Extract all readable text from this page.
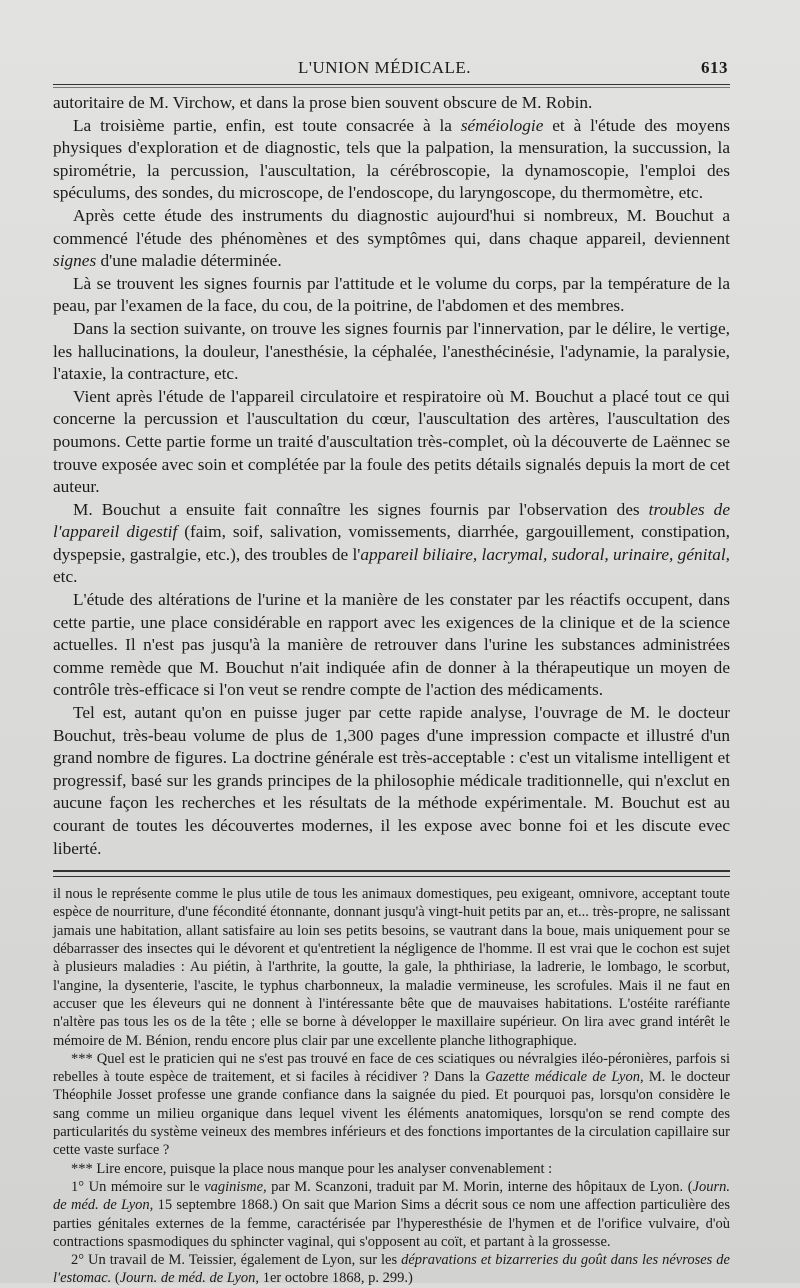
L'UNION MÉDICALE.	613

autoritaire de M. Virchow, et dans la prose bien souvent obscure de M. Robin.

La troisième partie, enfin, est toute consacrée à la séméiologie et à l'étude des moyens physiques d'exploration et de diagnostic, tels que la palpation, la mensuration, la succussion, la spirométrie, la percussion, l'auscultation, la cérébroscopie, la dynamoscopie, l'emploi des spéculums, des sondes, du microscope, de l'endoscope, du laryngoscope, du thermomètre, etc.

Après cette étude des instruments du diagnostic aujourd'hui si nombreux, M. Bouchut a commencé l'étude des phénomènes et des symptômes qui, dans chaque appareil, deviennent signes d'une maladie déterminée.

Là se trouvent les signes fournis par l'attitude et le volume du corps, par la température de la peau, par l'examen de la face, du cou, de la poitrine, de l'abdomen et des membres.

Dans la section suivante, on trouve les signes fournis par l'innervation, par le délire, le vertige, les hallucinations, la douleur, l'anesthésie, la céphalée, l'anesthécinésie, l'adynamie, la paralysie, l'ataxie, la contracture, etc.

Vient après l'étude de l'appareil circulatoire et respiratoire où M. Bouchut a placé tout ce qui concerne la percussion et l'auscultation du cœur, l'auscultation des artères, l'auscultation des poumons. Cette partie forme un traité d'auscultation très-complet, où la découverte de Laënnec se trouve exposée avec soin et complétée par la foule des petits détails signalés depuis la mort de cet auteur.

M. Bouchut a ensuite fait connaître les signes fournis par l'observation des troubles de l'appareil digestif (faim, soif, salivation, vomissements, diarrhée, gargouillement, constipation, dyspepsie, gastralgie, etc.), des troubles de l'appareil biliaire, lacrymal, sudoral, urinaire, génital, etc.

L'étude des altérations de l'urine et la manière de les constater par les réactifs occupent, dans cette partie, une place considérable en rapport avec les exigences de la clinique et de la science actuelles. Il n'est pas jusqu'à la manière de retrouver dans l'urine les substances administrées comme remède que M. Bouchut n'ait indiquée afin de donner à la thérapeutique un moyen de contrôle très-efficace si l'on veut se rendre compte de l'action des médicaments.

Tel est, autant qu'on en puisse juger par cette rapide analyse, l'ouvrage de M. le docteur Bouchut, très-beau volume de plus de 1,300 pages d'une impression compacte et illustré d'un grand nombre de figures. La doctrine générale est très-acceptable : c'est un vitalisme intelligent et progressif, basé sur les grands principes de la philosophie médicale traditionnelle, qui n'exclut en aucune façon les recherches et les résultats de la méthode expérimentale. M. Bouchut est au courant de toutes les découvertes modernes, il les expose avec bonne foi et les discute evec liberté.

il nous le représente comme le plus utile de tous les animaux domestiques, peu exigeant, omnivore, acceptant toute espèce de nourriture, d'une fécondité étonnante, donnant jusqu'à vingt-huit petits par an, et... très-propre, ne salissant jamais une habitation, allant satisfaire au loin ses petits besoins, se vautrant dans la boue, mais uniquement pour se débarrasser des insectes qui le dévorent et qu'entretient la négligence de l'homme. Il est vrai que le cochon est sujet à plusieurs maladies : Au piétin, à l'arthrite, la goutte, la gale, la phthiriase, la ladrerie, le lombago, le scorbut, l'angine, la dysenterie, l'ascite, le typhus charbonneux, la maladie vermineuse, les scrofules. Mais il ne faut en accuser que les éleveurs qui ne donnent à l'intéressante bête que de mauvaises habitations. L'ostéite raréfiante n'altère pas tous les os de la tête ; elle se borne à développer le maxillaire supérieur. On lira avec grand intérêt le mémoire de M. Bénion, rendu encore plus clair par une excellente planche lithographique.

*** Quel est le praticien qui ne s'est pas trouvé en face de ces sciatiques ou névralgies iléo-péronières, parfois si rebelles à toute espèce de traitement, et si faciles à récidiver ? Dans la Gazette médicale de Lyon, M. le docteur Théophile Josset professe une grande confiance dans la saignée du pied. Et pourquoi pas, lorsqu'on considère le sang comme un milieu organique dans lequel vivent les éléments anatomiques, lorsqu'on se rend compte des particularités du système veineux des membres inférieurs et des fonctions importantes de la circulation capillaire sur cette vaste surface ?

*** Lire encore, puisque la place nous manque pour les analyser convenablement :

1° Un mémoire sur le vaginisme, par M. Scanzoni, traduit par M. Morin, interne des hôpitaux de Lyon. (Journ. de méd. de Lyon, 15 septembre 1868.) On sait que Marion Sims a décrit sous ce nom une affection particulière des parties génitales externes de la femme, caractérisée par l'hyperesthésie de l'hymen et de l'orifice vulvaire, d'où contractions spasmodiques du sphincter vaginal, qui s'opposent au coït, et partant à la grossesse.

2° Un travail de M. Teissier, également de Lyon, sur les dépravations et bizarreries du goût dans les névroses de l'estomac. (Journ. de méd. de Lyon, 1er octobre 1868, p. 299.)
